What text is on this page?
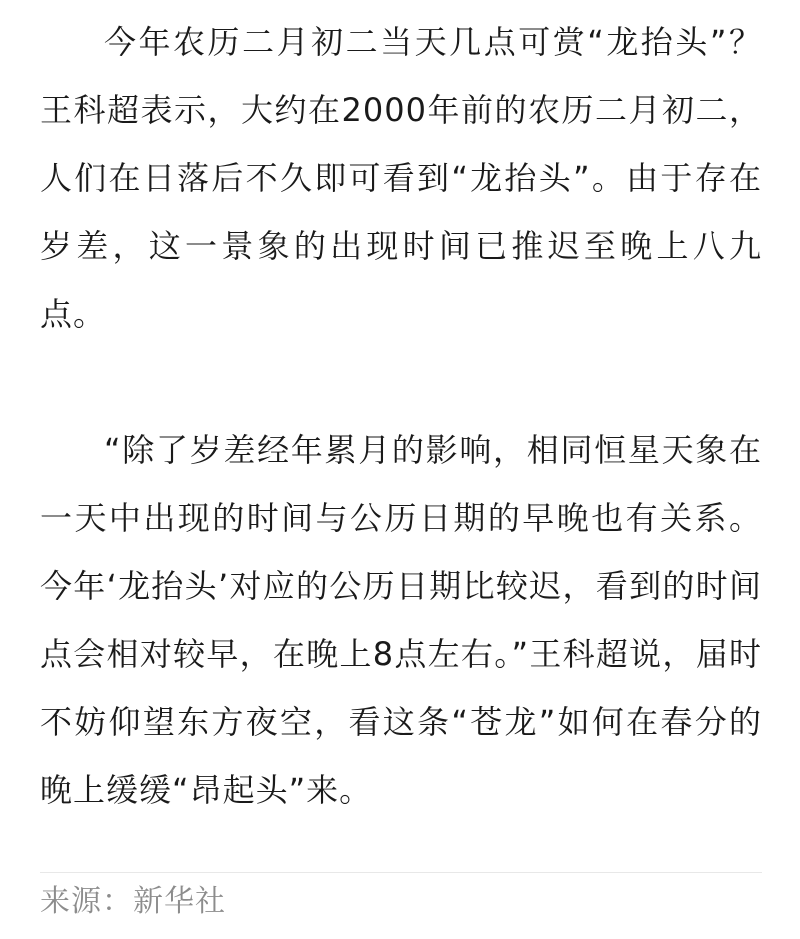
今年农历二月初二当天几点可赏“龙抬头”？王科超表示，大约在2000年前的农历二月初二，人们在日落后不久即可看到“龙抬头”。由于存在岁差，这一景象的出现时间已推迟至晚上八九点。

“除了岁差经年累月的影响，相同恒星天象在一天中出现的时间与公历日期的早晚也有关系。今年‘龙抬头’对应的公历日期比较迟，看到的时间点会相对较早，在晚上8点左右。”王科超说，届时不妨仰望东方夜空，看这条“苍龙”如何在春分的晚上缓缓“昂起头”来。

来源：新华社
